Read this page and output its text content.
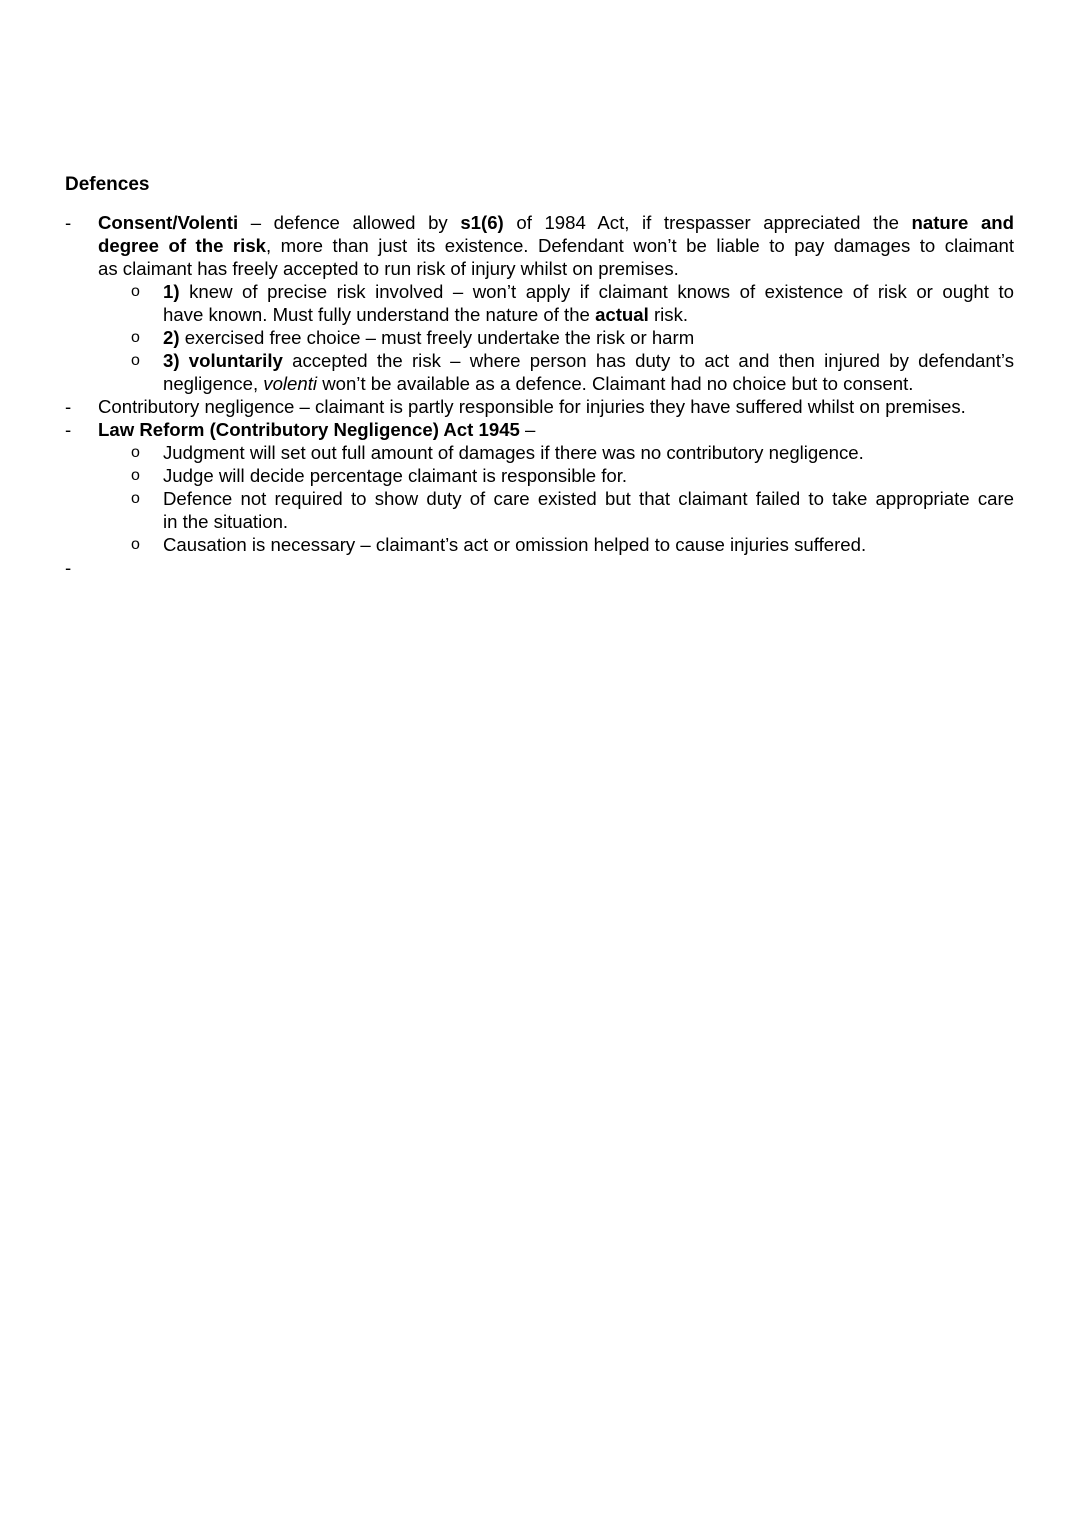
Defences
- Consent/Volenti – defence allowed by s1(6) of 1984 Act, if trespasser appreciated the nature and
degree of the risk, more than just its existence. Defendant won’t be liable to pay damages to claimant
as claimant has freely accepted to run risk of injury whilst on premises.
o 1) knew of precise risk involved – won’t apply if claimant knows of existence of risk or ought to
have known. Must fully understand the nature of the actual risk.
o 2) exercised free choice – must freely undertake the risk or harm
o 3) voluntarily accepted the risk – where person has duty to act and then injured by defendant’s
negligence, volenti won’t be available as a defence. Claimant had no choice but to consent.
- Contributory negligence – claimant is partly responsible for injuries they have suffered whilst on premises.
- Law Reform (Contributory Negligence) Act 1945 –
o Judgment will set out full amount of damages if there was no contributory negligence.
o Judge will decide percentage claimant is responsible for.
o Defence not required to show duty of care existed but that claimant failed to take appropriate care
in the situation.
o Causation is necessary – claimant’s act or omission helped to cause injuries suffered.
-
